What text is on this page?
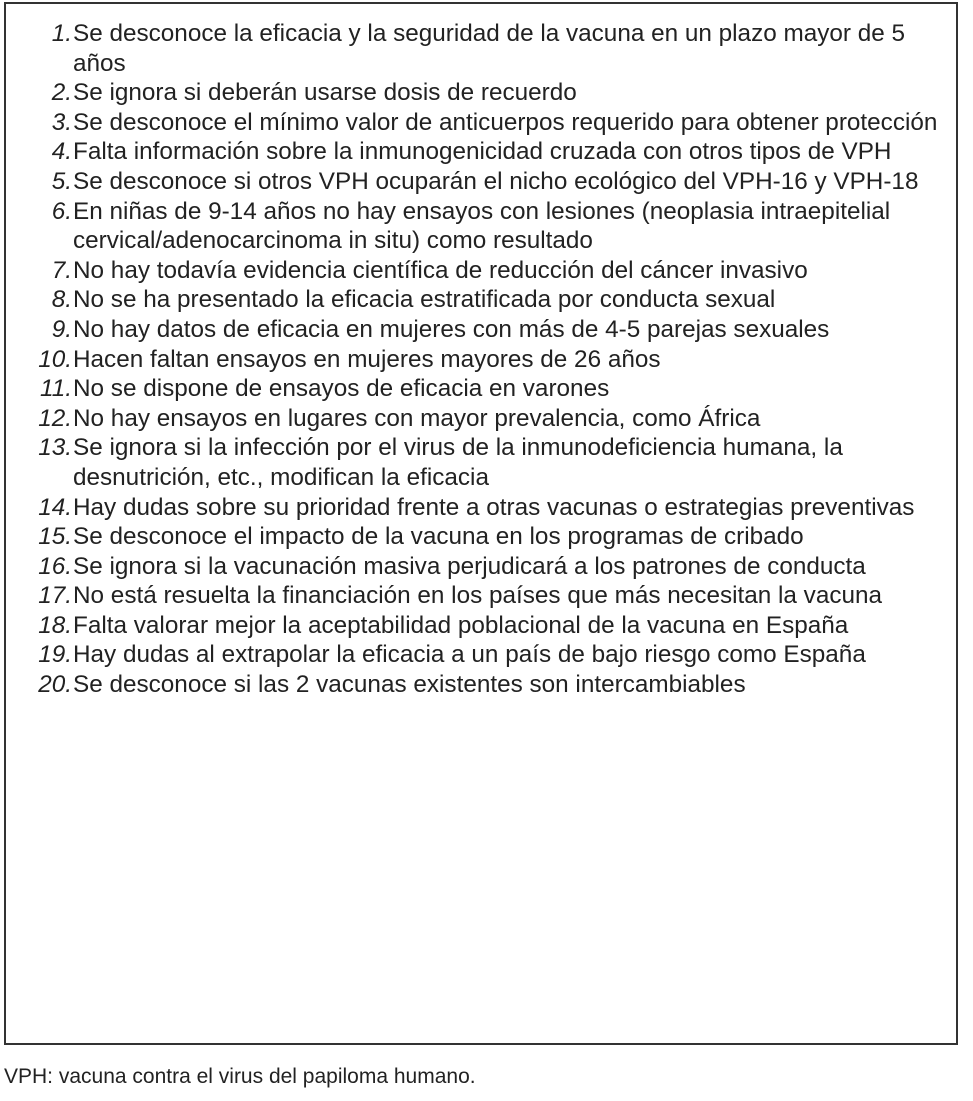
1. Se desconoce la eficacia y la seguridad de la vacuna en un plazo mayor de 5 años
2. Se ignora si deberán usarse dosis de recuerdo
3. Se desconoce el mínimo valor de anticuerpos requerido para obtener protección
4. Falta información sobre la inmunogenicidad cruzada con otros tipos de VPH
5. Se desconoce si otros VPH ocuparán el nicho ecológico del VPH-16 y VPH-18
6. En niñas de 9-14 años no hay ensayos con lesiones (neoplasia intraepitelial cervical/adenocarcinoma in situ) como resultado
7. No hay todavía evidencia científica de reducción del cáncer invasivo
8. No se ha presentado la eficacia estratificada por conducta sexual
9. No hay datos de eficacia en mujeres con más de 4-5 parejas sexuales
10. Hacen faltan ensayos en mujeres mayores de 26 años
11. No se dispone de ensayos de eficacia en varones
12. No hay ensayos en lugares con mayor prevalencia, como África
13. Se ignora si la infección por el virus de la inmunodeficiencia humana, la desnutrición, etc., modifican la eficacia
14. Hay dudas sobre su prioridad frente a otras vacunas o estrategias preventivas
15. Se desconoce el impacto de la vacuna en los programas de cribado
16. Se ignora si la vacunación masiva perjudicará a los patrones de conducta
17. No está resuelta la financiación en los países que más necesitan la vacuna
18. Falta valorar mejor la aceptabilidad poblacional de la vacuna en España
19. Hay dudas al extrapolar la eficacia a un país de bajo riesgo como España
20. Se desconoce si las 2 vacunas existentes son intercambiables
VPH: vacuna contra el virus del papiloma humano.
